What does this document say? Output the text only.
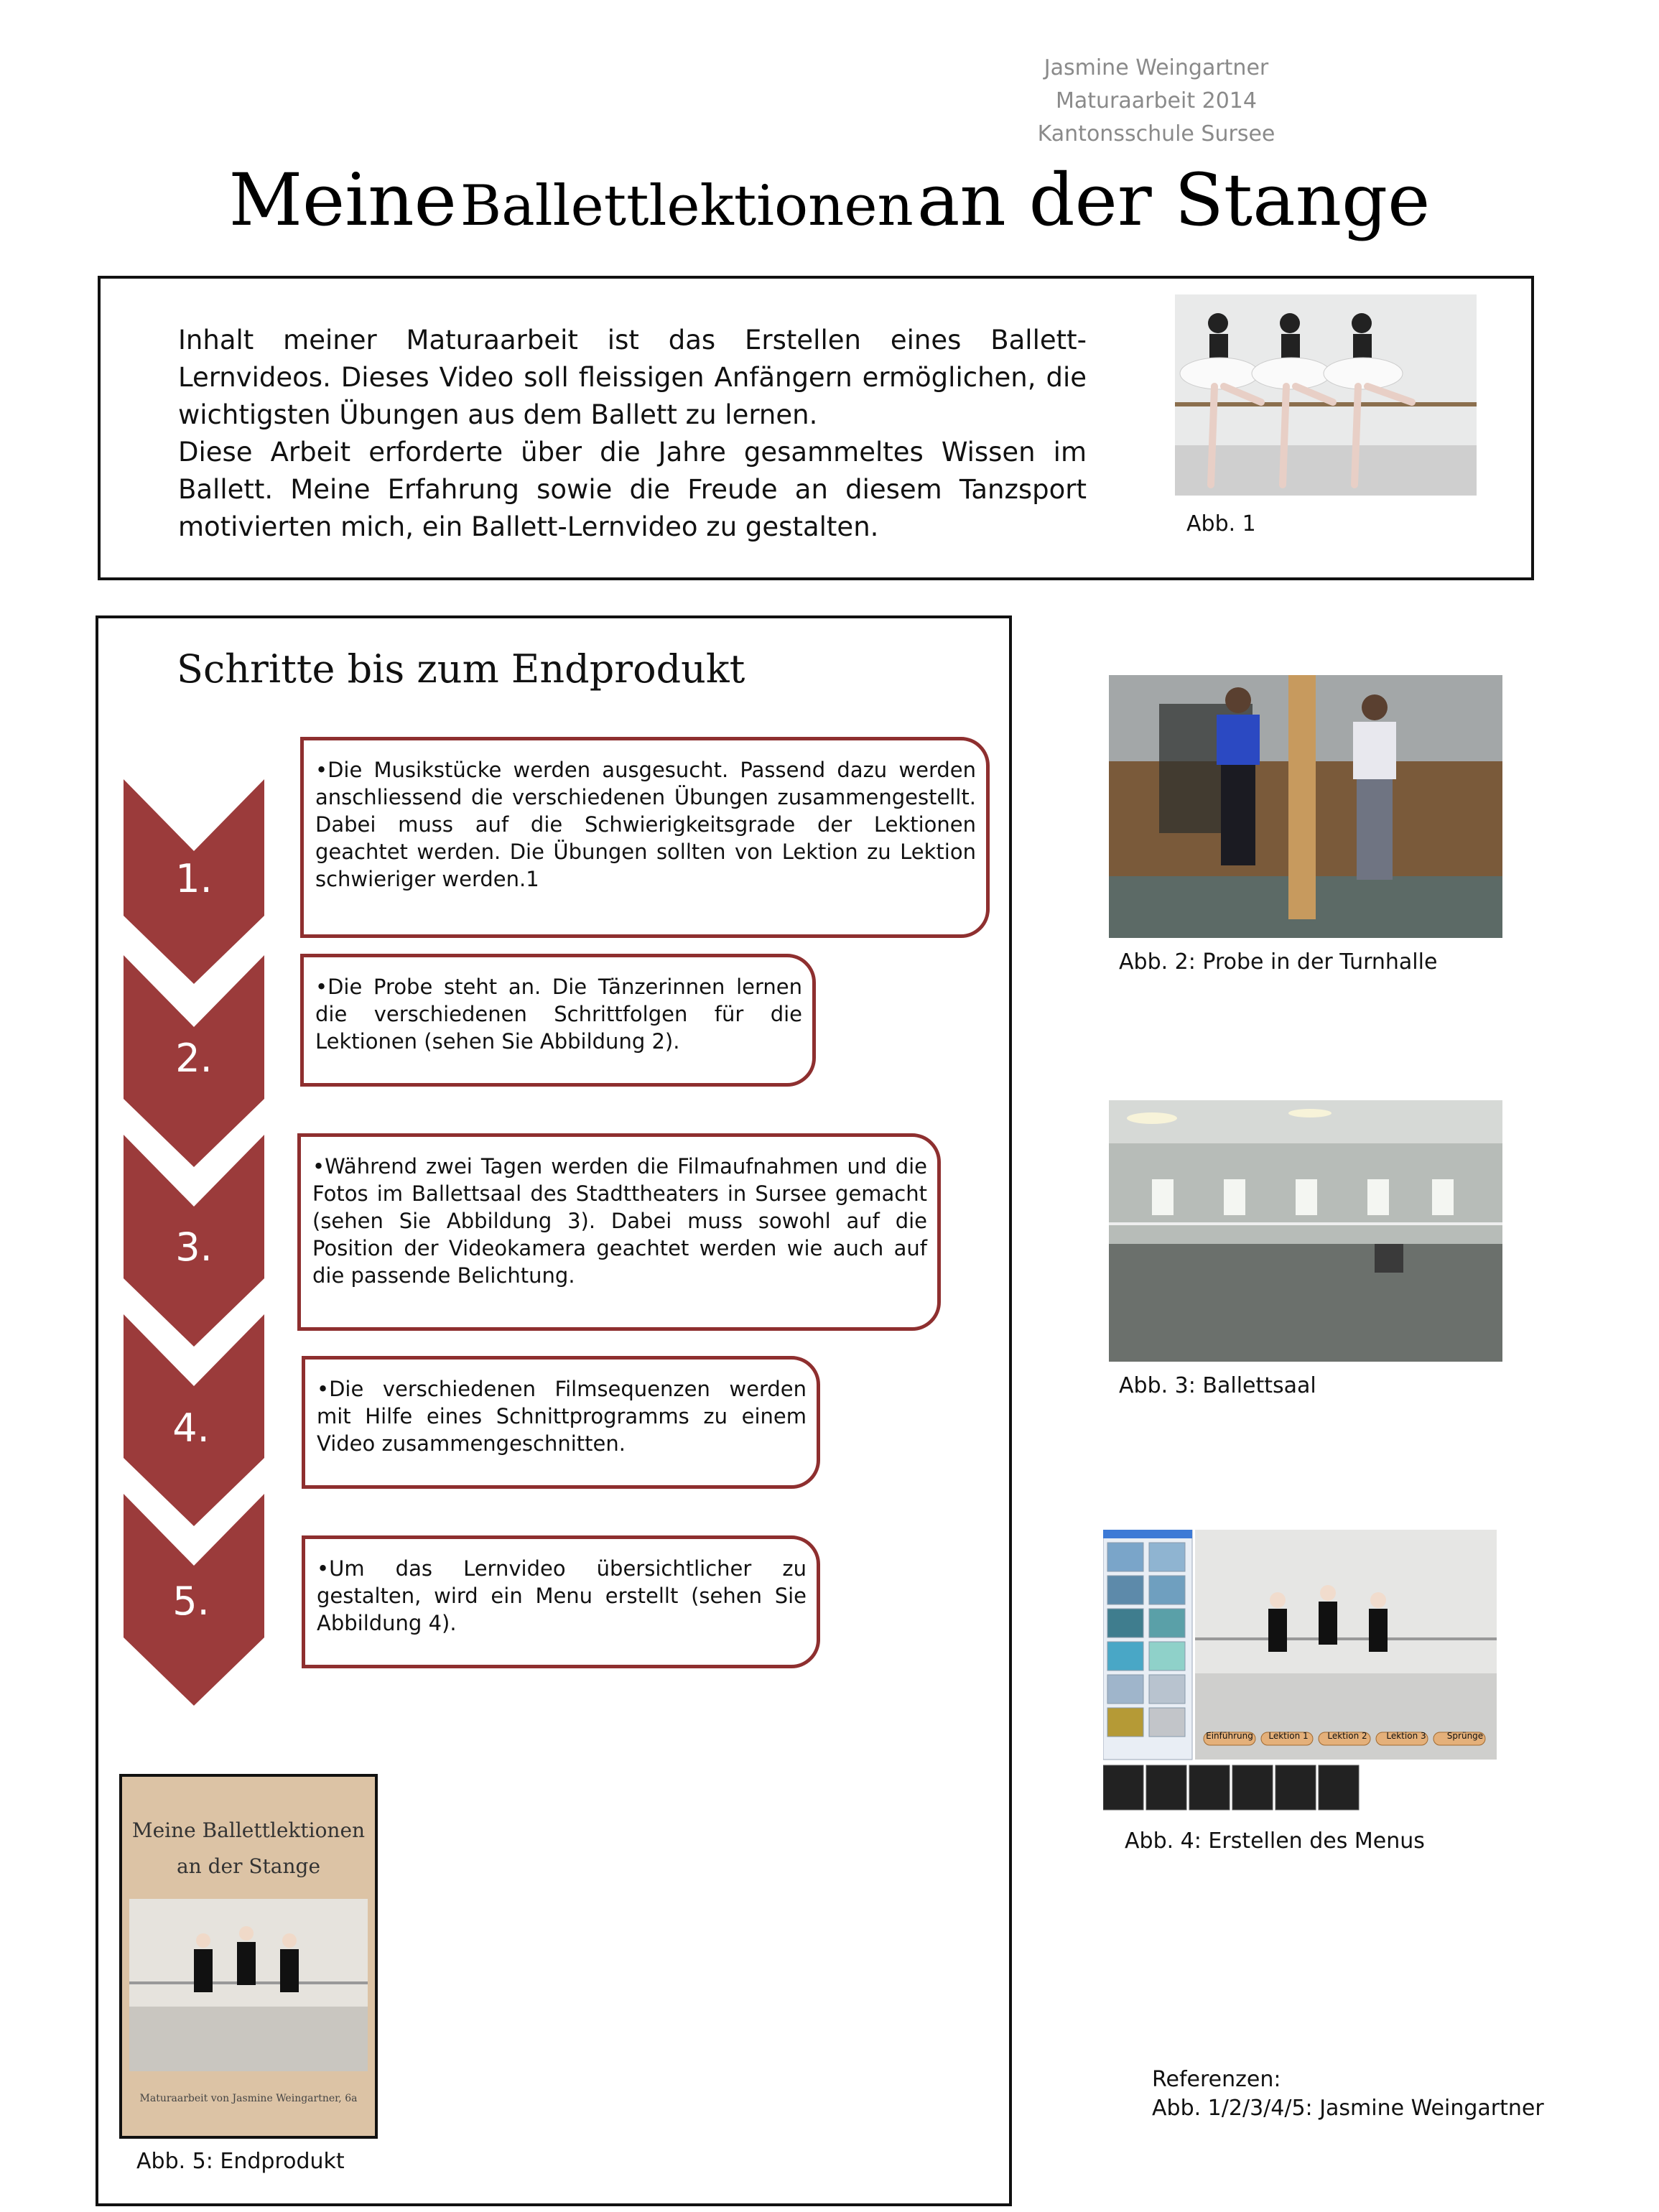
Jasmine Weingartner
Maturaarbeit 2014
Kantonsschule Sursee
Meine Ballettlektionen an der Stange

Inhalt meiner Maturaarbeit ist das Erstellen eines Ballett-Lernvideos. Dieses Video soll fleissigen Anfängern ermöglichen, die wichtigsten Übungen aus dem Ballett zu lernen.

Diese Arbeit erforderte über die Jahre gesammeltes Wissen im Ballett. Meine Erfahrung sowie die Freude an diesem Tanzsport motivierten mich, ein Ballett-Lernvideo zu gestalten.	Abb. 1
Schritte bis zum Endprodukt
1.
2.
3.
4.
5.
•Die Musikstücke werden ausgesucht. Passend dazu werden anschliessend die verschiedenen Übungen zusammengestellt. Dabei muss auf die Schwierigkeitsgrade der Lektionen geachtet werden. Die Übungen sollten von Lektion zu Lektion schwieriger werden.1
•Die Probe steht an. Die Tänzerinnen lernen die verschiedenen Schrittfolgen für die Lektionen (sehen Sie Abbildung 2).
•Während zwei Tagen werden die Filmaufnahmen und die Fotos im Ballettsaal des Stadttheaters in Sursee gemacht (sehen Sie Abbildung 3). Dabei muss sowohl auf die Position der Videokamera geachtet werden wie auch auf die passende Belichtung.
•Die verschiedenen Filmsequenzen werden mit Hilfe eines Schnittprogramms zu einem Video zusammengeschnitten.
•Um das Lernvideo übersichtlicher zu gestalten, wird ein Menu erstellt (sehen Sie Abbildung 4).
Abb. 2: Probe in der Turnhalle
Abb. 3: Ballettsaal
Einführung	Lektion 1	Lektion 2	Lektion 3	Sprünge
Abb. 4: Erstellen des Menus
Meine Ballettlektionen
an der Stange
Maturaarbeit von Jasmine Weingartner, 6a
Abb. 5: Endprodukt
Referenzen:
Abb. 1/2/3/4/5: Jasmine Weingartner
